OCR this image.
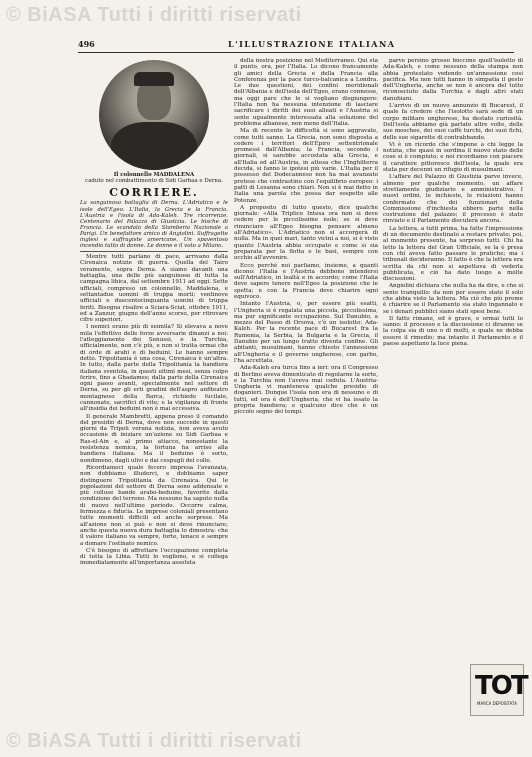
© BiASA Tutti i diritti riservati
© BiASA Tutti i diritti riservati
496	L'ILLUSTRAZIONE ITALIANA
Il colonnello MADDALENA
caduto nel combattimento di Sidi Garbaa e Derna.
CORRIERE.
La sanguinosa battaglia di Derna. L'Adriatico e le isole dell'Egeo. L'Italia, la Grecia e la Francia. L'Austria e l'isola di Ada-Kaleh. Tre ricorrenze. Centenario del Palazzo di Giustizia. Le bische di Francia. Le scandalo della Stamberia Nazionale a Parigi. Un benefattore amico di Angiolini. Suffragette inglesi e suffragiste americane. Un spaventoso incendio tutto di donne. Le donne e il voto a Milano.

Mentre tutti parlano di pace, arrivano dalla Cirenaica notizie di guerra. Quella del Tairo veramente, sopra Derna. A siamo davanti una battaglia, una delle più sanguinose di tutta la campagna libica, dal settembre 1911 ad oggi. Sette ufficiali, compreso un colonnello, Maddalena, e settantadue uomini di truppa morti; ventinove ufficiali e duecentocinquanta uomini di truppa feriti. Bisogna risalire a Sciara-Sciat, ottobre 1911, ed a Zanzur, giugno dell'anno scorso, per ritrovare cifre superiori.

I nemici erano più di seimila? Si elevava a nove mila l'effettivo delle forze avversarie dinanzi a noi: l'atteggiamento dei Senussi, e la Turchia, ufficialmente, non c'è più, e non si tratta ormai che di orde di arabi e di beduini. Le hanno sempre detto. Tripolitania è una cosa, Cirenaica è un'altra. In tutto, dalla parte della Tripolitania la bandiera italiana sventola, in questi ultimi mesi, senza colpo ferire, fino a Ghadames; dalla parte della Cirenaica ogni passo avanti, specialmente nel settore di Derna, su per gli erti gradini dell'aspro anfiteatro montagnoso della Barca, richiede fucilate, cannonate, sacrifici di vite; e la vigilanza di fronte all'insidia dei beduini non è mai eccessiva.

Il generale Mambretti, appena preso il comando del presidio di Derna, dove non succede in questi giorni da Tripoli veruna notizia, non aveva avuto occasione di iniziare un'azione su Sidi Garbaa e Ras-el-Ain e, al primo attacco, nonostante la resistenza nemica, la fortuna ha arriso alla bandiera italiana. Ma il beduino è sorto, nondimeno, dagli ulivi e dai cespugli del colle.

Ricordiamoci quale fecero impresa l'avanzata, non dobbiamo illuderci, e dobbiamo saper distinguere Tripolitania da Cirenaica. Qui le popolazioni del settore di Derna sono addensate e più colluse bande arabo-beduine, favorite dalla condizione del terreno. Ma nessuno ha saputo nulla di nuovo nell'ultimo periodo. Occorre calma, fermezza e fiducia. Le imprese coloniali presentano tutte momenti difficili ed anche sorprese. Ma all'azione non si può e non si deve rinunciare; anche questa nuova dura battaglia lo dimostra: che il valore italiano va sempre, forte, tenace e sempre a domare l'ostinato nemico.

C'è bisogno di affrettare l'occupazione completa di tutta la Libia. Tutti lo vogliono, e si collega immediatamente all'importanza assoluta

della nostra posizione nel Mediterraneo. Qui sta il punto, ora, per l'Italia. Lo dicono francamente gli amici della Grecia e della Francia alla Conferenza per la pace turco-balcanica a Londra. Le due questioni, dei confini meridionali dell'Albania e dell'isola dell'Egeo, erano connesse, ma oggi pare che le si vogliano disgiungere: l'Italia non ha nessuna intenzione di lasciare sacrificare i diritti dei suoi alleati e l'Austria si sente ugualmente interessata alla soluzione del problema albanese, non meno dell'Italia.

Ma di recente le difficoltà si sono aggravate, come tutti sanno. La Grecia, non sono disposta a cedere i territori dell'Epiro settentrionale promessi dall'Albania; la Francia, secondo i giornali, si sarebbe accostata alla Grecia, e all'Italia ed all'Austria, in attesa che l'Inghilterra decida, si fanno le ipotesi più varie. L'Italia per il possesso del Dodecanneso non ha mai avanzato pretese che contrastino con l'equilibrio europeo: i patti di Losanna sono chiari. Non si è mai detto in Italia una parola che possa dar sospetto alle Potenze.

A proposito di tutto questo, dice qualche giornale: «Alla Triplice Intesa ora non si deve cedere per le piccolissime isole; se si deve rinunciare all'Egeo bisogna pensare almeno all'Adriatico». L'Adriatico non si accorgerà di nulla. Ma in quei mari, tanto vicini a noi, si è visto quanto l'Austria abbia occupato e come si sia preparata per la flotta e le basi, sempre con occhio all'avvenire.

Ecco perché noi parliamo, insieme, a quanti dicono: l'Italia e l'Austria debbono intendersi sull'Adriatico, in lealtà e in accordo; come l'Italia deve sapere tenere nell'Egeo la posizione che le spetta; e con la Francia deve chiarire ogni equivoco.

Intanto l'Austria, o, per essere più esatti, l'Ungheria si è regalata una piccola, piccolissima, ma pur significante occupazione. Sul Danubio, a mezzo del Passo di Orsova, c'è un isolotto: Ada-Kaleh. Per la recente pace di Bucarest fra la Rumenia, la Serbia, la Bulgaria e la Grecia, il Danubio per un lungo tratto diventa confine. Gli abitanti, musulmani, hanno chiesto l'annessione all'Ungheria e il governo ungherese, con garbo, l'ha accettata.

Ada-Kaleh era turca fino a ieri: ora il Congresso di Berlino aveva dimenticato di regolarne la sorte, e la Turchia non l'aveva mai ceduta. L'Austria-Ungheria vi manteneva qualche presidio di doganieri. Dunque l'isola non era di nessuno e di tutti, ed ora è dell'Ungheria, che vi ha issato la propria bandiera; e qualcuno dice che è un piccolo segno dei tempi.

parve persino grosso boccone quell'isolotto di Ada-Kaleh, e come nessuno della stampa non abbia protestato vedendo un'annessione così pacifica. Ma non tutti hanno in simpatia il gesto dell'Ungheria, anche se non è ancora del tutto riconosciuto dalla Turchia e dagli altri stati danubiani.

L'arrivo di un nuovo annunzio di Bucarest, il quale fa credere che l'isolotto sarà sede di un corpo militare ungherese, ha destato curiosità. Dell'isola abbiamo già parlato altre volte, delle sue moschee, dei suoi caffè turchi, dei suoi fichi, delle sue sigarette di contrabbando.

Vi è un ricordo che s'impone a chi legge la notizia, che quasi in sordina il nuovo stato delle cose si è compiuto; e noi ricordiamo con piacere il carattere pittoresco dell'isola, la quale era stata per decenni un rifugio di musulmani.

L'affare del Palazzo di Giustizia parve invece, almeno per qualche momento, un affare strettamente giudiziario e amministrativo. I nuovi ordini, le inchieste, le relazioni hanno confermato che dei funzionari della Commissione d'inchiesta ebbero parte nella costruzione del palazzo; il processo è stato rinviato e il Parlamento discuterà ancora.

La lettera, a tutti prima, ha fatto l'impressione di un documento destinato a restare privato; poi, al momento presente, ha sorpreso tutti. Chi ha letto la lettera del Gran Ufficiale, se la è presa con chi aveva fatto passare le pratiche; ma i tribunali decideranno. Il fatto è che la lettera era scritta da chi non si aspettava di vederla pubblicata, e ciò ha dato luogo a molte discussioni.

Angiolini dichiara che nulla ha da dire, e che si sente tranquillo: da non per essere stato il solo che abbia visto la lettera. Ma ciò che più preme è chiarire se il Parlamento sia stato ingannato e se i denari pubblici siano stati spesi bene.

Il fatto rimane, ed è grave, e ormai tutti lo sanno: il processo e la discussione ci diranno se la colpa sia di uno o di molti, e quale ne debba essere il rimedio; ma intanto il Parlamento e il paese aspettano la luce piena.

TOT
MARCA DEPOSITATA
